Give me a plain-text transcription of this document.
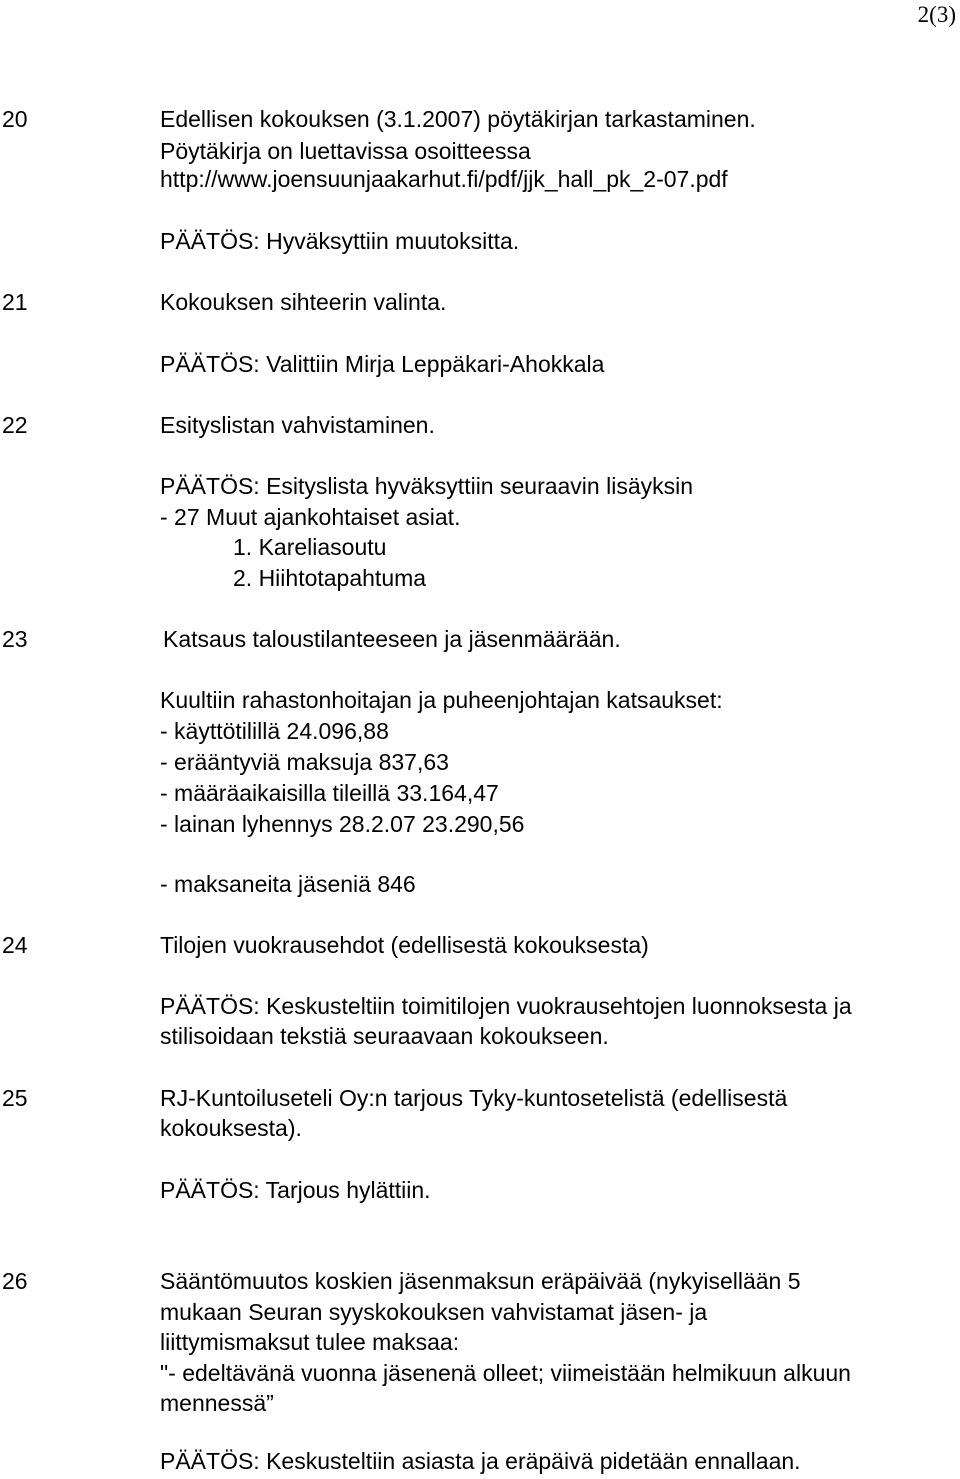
2(3)
20	Edellisen kokouksen (3.1.2007) pöytäkirjan tarkastaminen.
Pöytäkirja on luettavissa osoitteessa
http://www.joensuunjaakarhut.fi/pdf/jjk_hall_pk_2-07.pdf
PÄÄTÖS: Hyväksyttiin muutoksitta.
21	Kokouksen sihteerin valinta.
PÄÄTÖS: Valittiin Mirja Leppäkari-Ahokkala
22	Esityslistan vahvistaminen.
PÄÄTÖS: Esityslista hyväksyttiin seuraavin lisäyksin
- 27 Muut ajankohtaiset asiat.
1. Kareliasoutu
2. Hiihtotapahtuma
23	Katsaus taloustilanteeseen ja jäsenmäärään.
Kuultiin rahastonhoitajan ja puheenjohtajan katsaukset:
- käyttötilillä 24.096,88
- erääntyviä maksuja 837,63
- määräaikaisilla tileillä 33.164,47
- lainan lyhennys 28.2.07 23.290,56
- maksaneita jäseniä 846
24	Tilojen vuokrausehdot (edellisestä kokouksesta)
PÄÄTÖS: Keskusteltiin toimitilojen vuokrausehtojen luonnoksesta ja
stilisoidaan tekstiä seuraavaan kokoukseen.
25	RJ-Kuntoiluseteli Oy:n tarjous Tyky-kuntosetelistä (edellisestä
kokouksesta).
PÄÄTÖS: Tarjous hylättiin.
26	Sääntömuutos koskien jäsenmaksun eräpäivää (nykyisellään 5
mukaan Seuran syyskokouksen vahvistamat jäsen- ja
liittymismaksut tulee maksaa:
"- edeltävänä vuonna jäsenenä olleet; viimeistään helmikuun alkuun
mennessä”
PÄÄTÖS: Keskusteltiin asiasta ja eräpäivä pidetään ennallaan.
